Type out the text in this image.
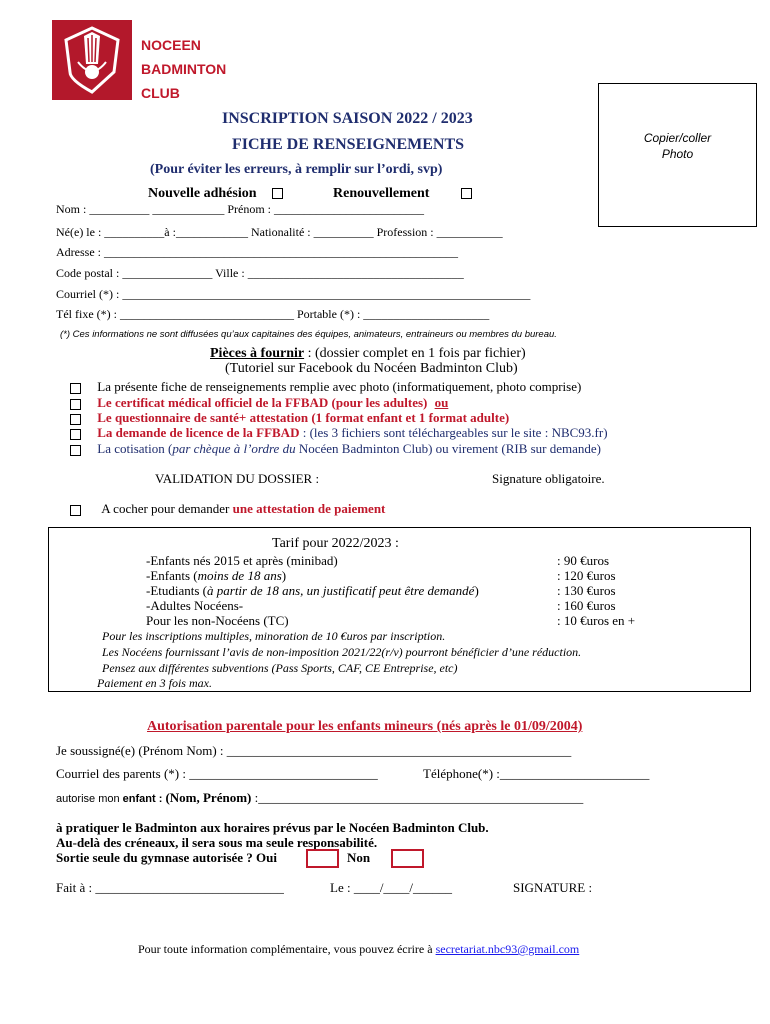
NOCEEN
BADMINTON
CLUB
INSCRIPTION SAISON 2022 / 2023
FICHE DE RENSEIGNEMENTS
(Pour éviter les erreurs, à remplir sur l’ordi, svp)
Copier/coller
Photo
Nouvelle adhésion	Renouvellement
Nom : __________ ____________ Prénom : _________________________
Né(e) le : __________à :____________ Nationalité : __________ Profession : ___________
Adresse : ___________________________________________________________
Code postal : _______________ Ville : ____________________________________
Courriel (*) : ____________________________________________________________________
Tél fixe (*) : _____________________________ Portable (*) : _____________________
(*) Ces informations ne sont diffusées qu’aux capitaines des équipes, animateurs, entraineurs ou membres du bureau.
Pièces à fournir : (dossier complet en 1 fois par fichier)
(Tutoriel sur Facebook du Nocéen Badminton Club)
La présente fiche de renseignements remplie avec photo (informatiquement, photo comprise)
Le certificat médical officiel de la FFBAD (pour les adultes) ou
Le questionnaire de santé+ attestation (1 format enfant et 1 format adulte)
La demande de licence de la FFBAD : (les 3 fichiers sont téléchargeables sur le site : NBC93.fr)
La cotisation (par chèque à l’ordre du Nocéen Badminton Club) ou virement (RIB sur demande)
VALIDATION DU DOSSIER :	Signature obligatoire.
A cocher pour demander une attestation de paiement
Tarif pour 2022/2023 :
-Enfants nés 2015 et après (minibad)	: 90 €uros
-Enfants (moins de 18 ans)	: 120 €uros
-Etudiants (à partir de 18 ans, un justificatif peut être demandé)	: 130 €uros
-Adultes Nocéens-	: 160 €uros
Pour les non-Nocéens (TC)	: 10 €uros en +
Pour les inscriptions multiples, minoration de 10 €uros par inscription.
Les Nocéens fournissant l’avis de non-imposition 2021/22(r/v) pourront bénéficier d’une réduction.
Pensez aux différentes subventions (Pass Sports, CAF, CE Entreprise, etc)
Paiement en 3 fois max.
Autorisation parentale pour les enfants mineurs (nés après le 01/09/2004)
Je soussigné(e) (Prénom Nom) : _____________________________________________________
Courriel des parents (*) : _____________________________	Téléphone(*) :_______________________
autorise mon enfant : (Nom, Prénom) :__________________________________________________
à pratiquer le Badminton aux horaires prévus par le Nocéen Badminton Club.
Au-delà des créneaux, il sera sous ma seule responsabilité.
Sortie seule du gymnase autorisée ? Oui	Non
Fait à : _____________________________	Le : ____/____/______	SIGNATURE :
Pour toute information complémentaire, vous pouvez écrire à secretariat.nbc93@gmail.com
